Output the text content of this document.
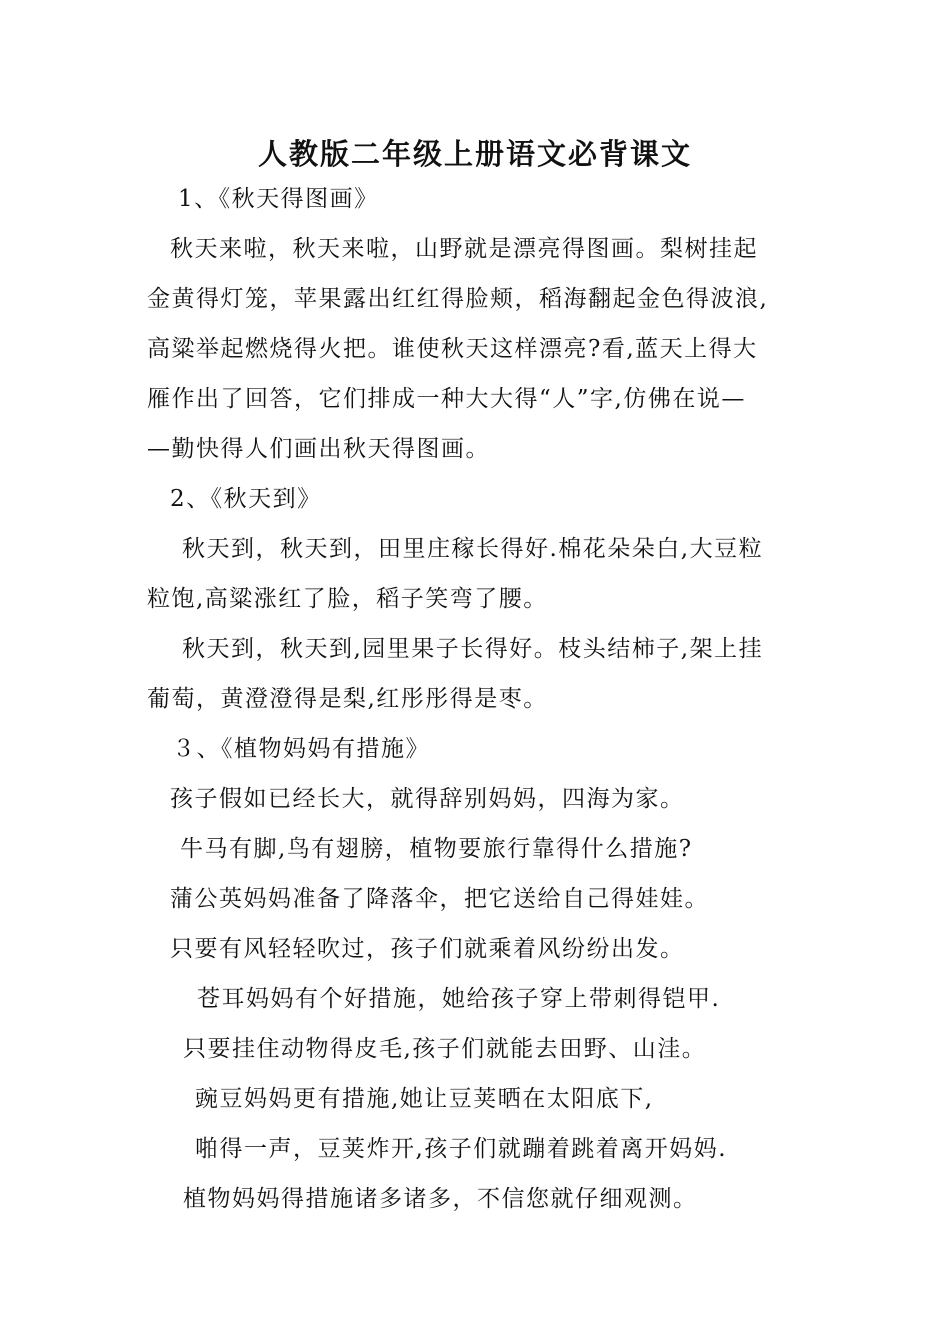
人教版二年级上册语文必背课文
1、《秋天得图画》
秋天来啦，秋天来啦，山野就是漂亮得图画。梨树挂起
金黄得灯笼，苹果露出红红得脸颊，稻海翻起金色得波浪,
高粱举起燃烧得火把。谁使秋天这样漂亮?看,蓝天上得大
雁作出了回答，它们排成一种大大得“人”字,仿佛在说—
—勤快得人们画出秋天得图画。
2、《秋天到》
秋天到，秋天到，田里庄稼长得好.棉花朵朵白,大豆粒
粒饱,高粱涨红了脸，稻子笑弯了腰。
秋天到，秋天到,园里果子长得好。枝头结柿子,架上挂
葡萄，黄澄澄得是梨,红彤彤得是枣。
３、《植物妈妈有措施》
孩子假如已经长大，就得辞别妈妈，四海为家。
牛马有脚,鸟有翅膀，植物要旅行靠得什么措施?
蒲公英妈妈准备了降落伞，把它送给自己得娃娃。
只要有风轻轻吹过，孩子们就乘着风纷纷出发。
苍耳妈妈有个好措施，她给孩子穿上带刺得铠甲.
只要挂住动物得皮毛,孩子们就能去田野、山洼。
豌豆妈妈更有措施,她让豆荚晒在太阳底下,
啪得一声，豆荚炸开,孩子们就蹦着跳着离开妈妈.
植物妈妈得措施诸多诸多，不信您就仔细观测。
